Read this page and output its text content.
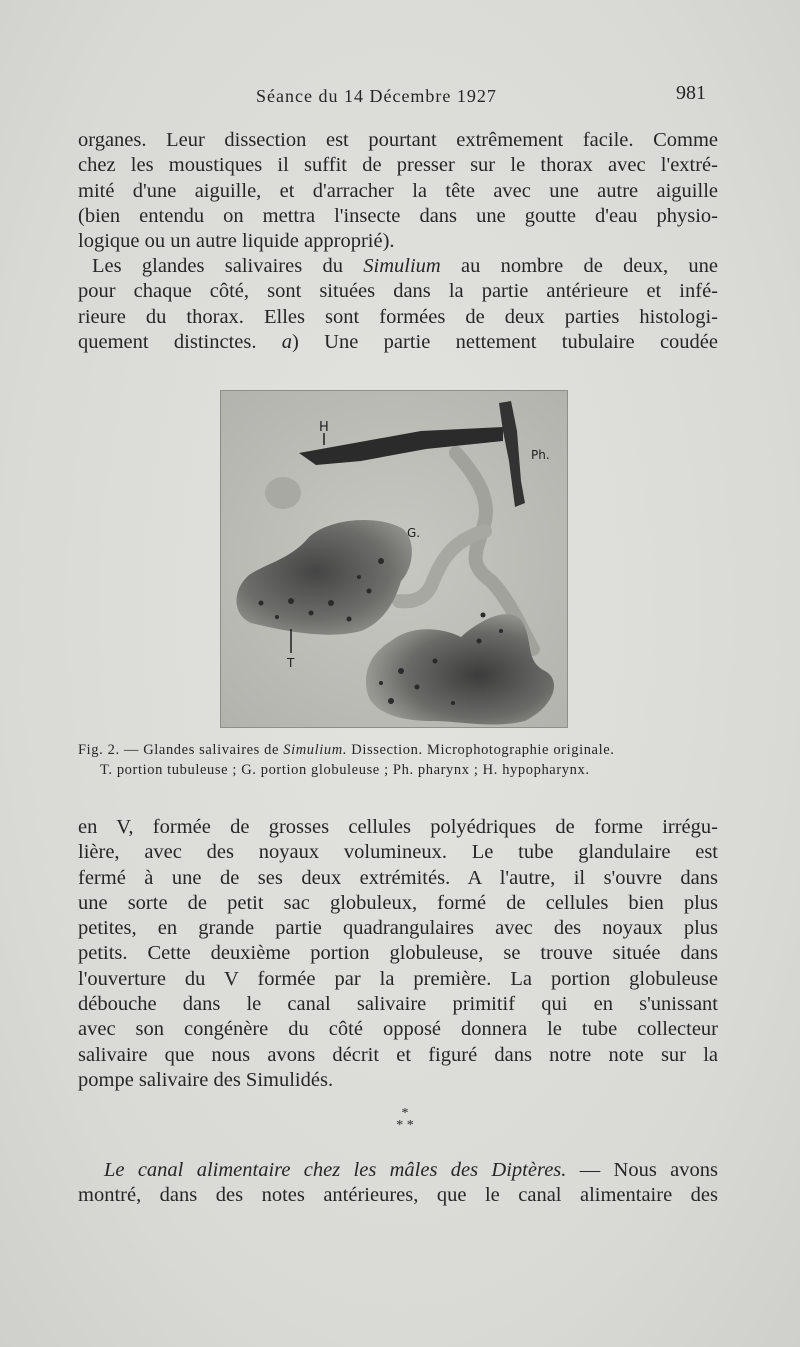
Séance du 14 Décembre 1927	981
organes. Leur dissection est pourtant extrêmement facile. Comme
chez les moustiques il suffit de presser sur le thorax avec l'extré-
mité d'une aiguille, et d'arracher la tête avec une autre aiguille
(bien entendu on mettra l'insecte dans une goutte d'eau physio-
logique ou un autre liquide approprié).
Les glandes salivaires du Simulium au nombre de deux, une
pour chaque côté, sont situées dans la partie antérieure et infé-
rieure du thorax. Elles sont formées de deux parties histologi-
quement distinctes. a) Une partie nettement tubulaire coudée
H
Ph.
G.
T
Fig. 2. — Glandes salivaires de Simulium. Dissection. Microphotographie originale.
T. portion tubuleuse ; G. portion globuleuse ; Ph. pharynx ; H. hypopharynx.
en V, formée de grosses cellules polyédriques de forme irrégu-
lière, avec des noyaux volumineux. Le tube glandulaire est
fermé à une de ses deux extrémités. A l'autre, il s'ouvre dans
une sorte de petit sac globuleux, formé de cellules bien plus
petites, en grande partie quadrangulaires avec des noyaux plus
petits. Cette deuxième portion globuleuse, se trouve située dans
l'ouverture du V formée par la première. La portion globuleuse
débouche dans le canal salivaire primitif qui en s'unissant
avec son congénère du côté opposé donnera le tube collecteur
salivaire que nous avons décrit et figuré dans notre note sur la
pompe salivaire des Simulidés.
*
* *
Le canal alimentaire chez les mâles des Diptères. — Nous avons
montré, dans des notes antérieures, que le canal alimentaire des
